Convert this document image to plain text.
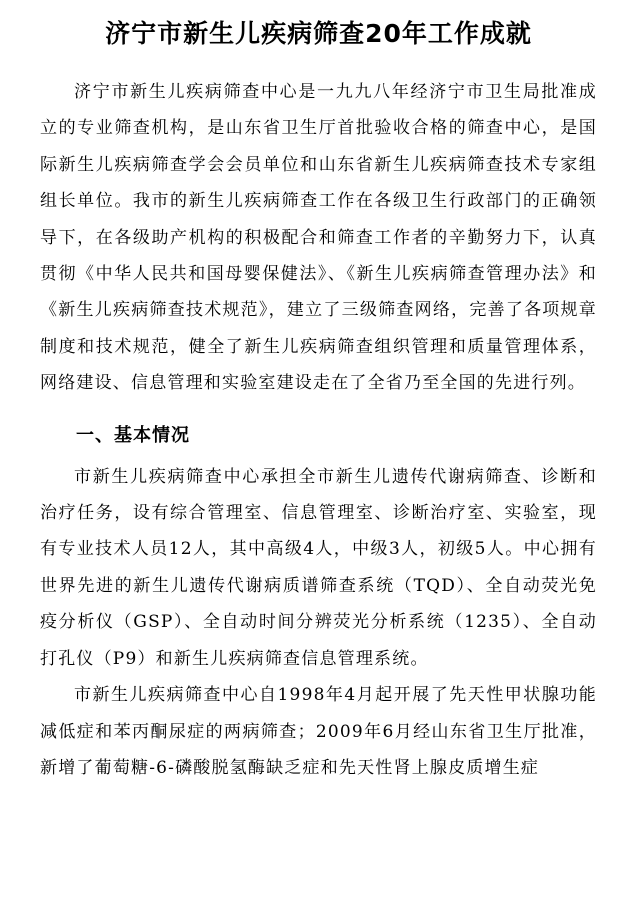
济宁市新生儿疾病筛查20年工作成就

济宁市新生儿疾病筛查中心是一九九八年经济宁市卫生局批准成立的专业筛查机构，是山东省卫生厅首批验收合格的筛查中心，是国际新生儿疾病筛查学会会员单位和山东省新生儿疾病筛查技术专家组组长单位。我市的新生儿疾病筛查工作在各级卫生行政部门的正确领导下，在各级助产机构的积极配合和筛查工作者的辛勤努力下，认真贯彻《中华人民共和国母婴保健法》、《新生儿疾病筛查管理办法》和《新生儿疾病筛查技术规范》，建立了三级筛查网络，完善了各项规章制度和技术规范，健全了新生儿疾病筛查组织管理和质量管理体系，网络建设、信息管理和实验室建设走在了全省乃至全国的先进行列。

一、基本情况

市新生儿疾病筛查中心承担全市新生儿遗传代谢病筛查、诊断和治疗任务，设有综合管理室、信息管理室、诊断治疗室、实验室，现有专业技术人员12人，其中高级4人，中级3人，初级5人。中心拥有世界先进的新生儿遗传代谢病质谱筛查系统（TQD）、全自动荧光免疫分析仪（GSP）、全自动时间分辨荧光分析系统（1235）、全自动打孔仪（P9）和新生儿疾病筛查信息管理系统。

市新生儿疾病筛查中心自1998年4月起开展了先天性甲状腺功能减低症和苯丙酮尿症的两病筛查；2009年6月经山东省卫生厅批准，新增了葡萄糖-6-磷酸脱氢酶缺乏症和先天性肾上腺皮质增生症
